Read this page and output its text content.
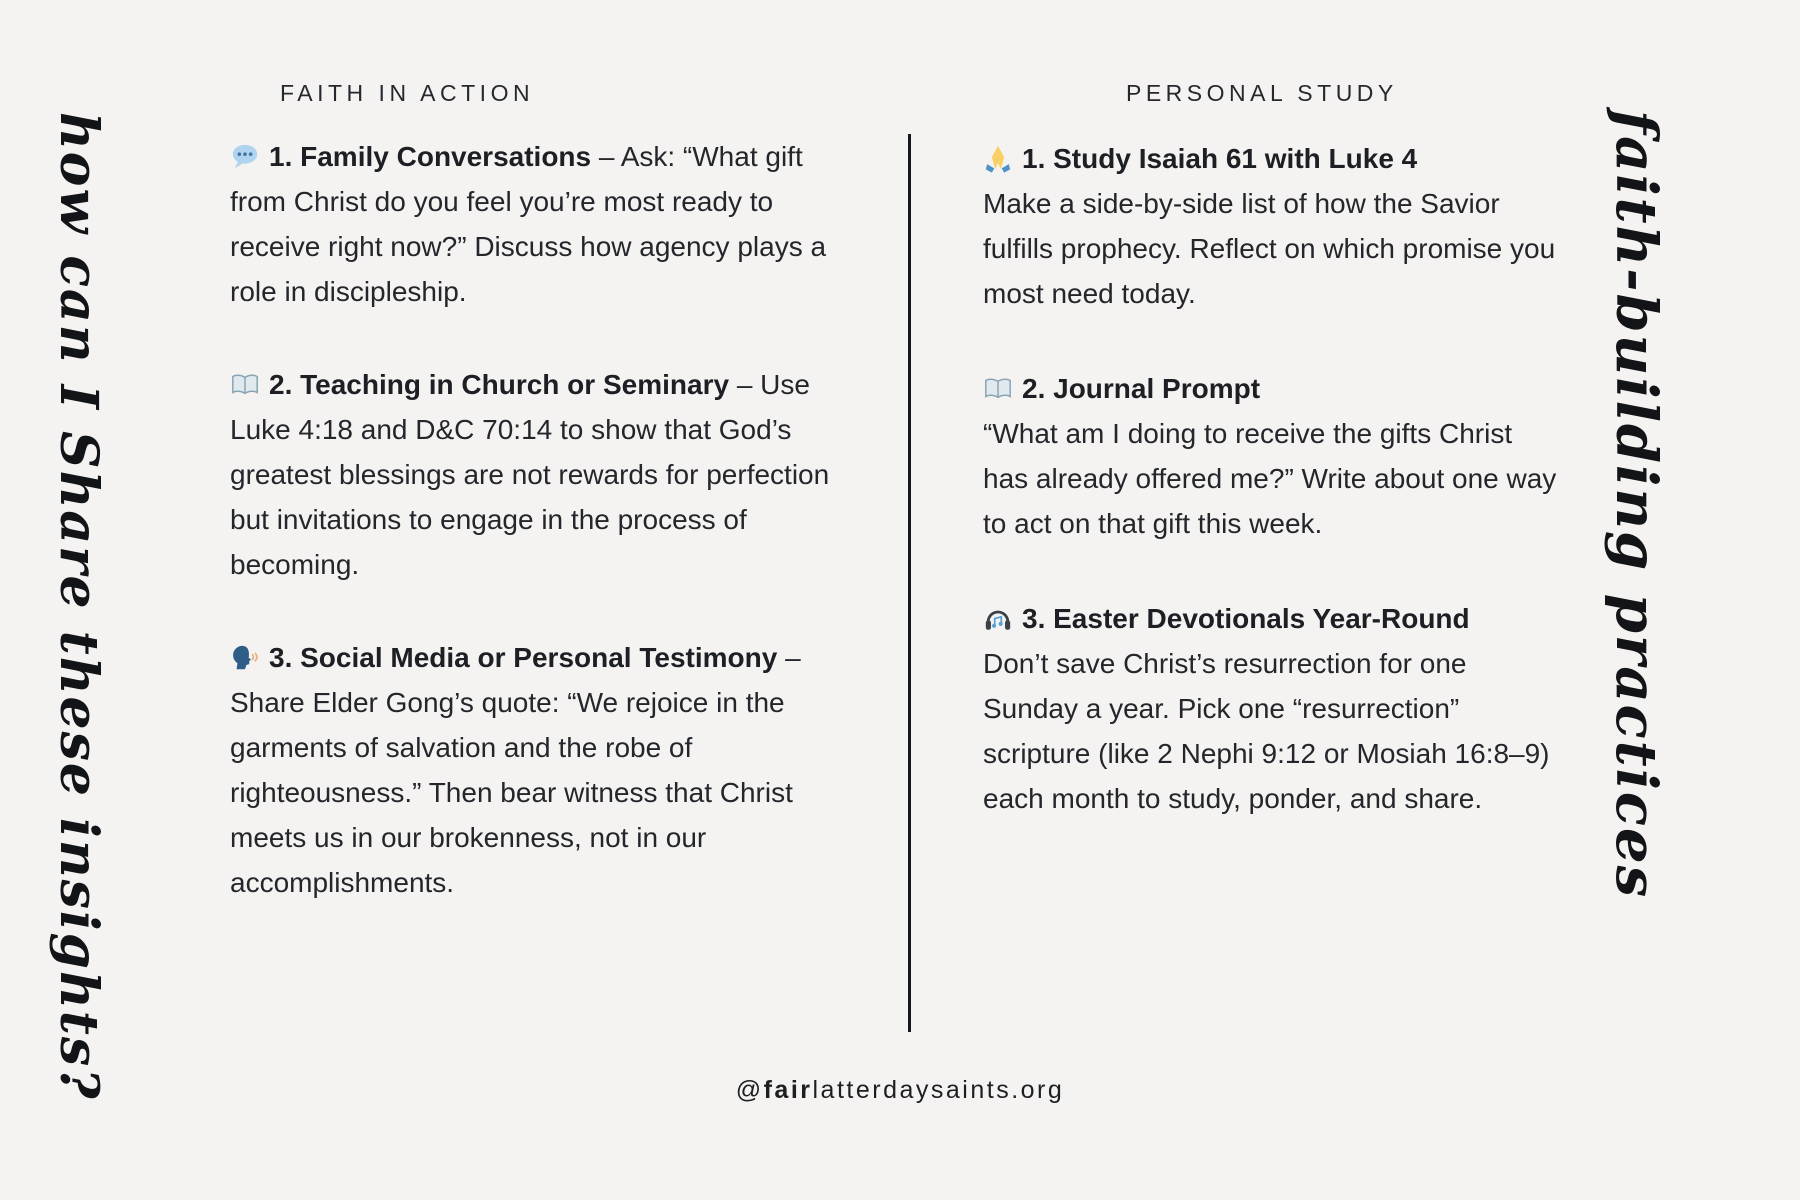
how can I Share these insights?	faith-building practices
FAITH IN ACTION
1. Family Conversations – Ask: “What gift from Christ do you feel you’re most ready to receive right now?” Discuss how agency plays a role in discipleship.
2. Teaching in Church or Seminary – Use Luke 4:18 and D&C 70:14 to show that God’s greatest blessings are not rewards for perfection but invitations to engage in the process of becoming.
3. Social Media or Personal Testimony – Share Elder Gong’s quote: “We rejoice in the garments of salvation and the robe of righteousness.” Then bear witness that Christ meets us in our brokenness, not in our accomplishments.
PERSONAL STUDY
1. Study Isaiah 61 with Luke 4
Make a side-by-side list of how the Savior fulfills prophecy. Reflect on which promise you most need today.
2. Journal Prompt
“What am I doing to receive the gifts Christ has already offered me?” Write about one way to act on that gift this week.
3. Easter Devotionals Year-Round
Don’t save Christ’s resurrection for one Sunday a year. Pick one “resurrection” scripture (like 2 Nephi 9:12 or Mosiah 16:8–9) each month to study, ponder, and share.
@fairlatterdaysaints.org
